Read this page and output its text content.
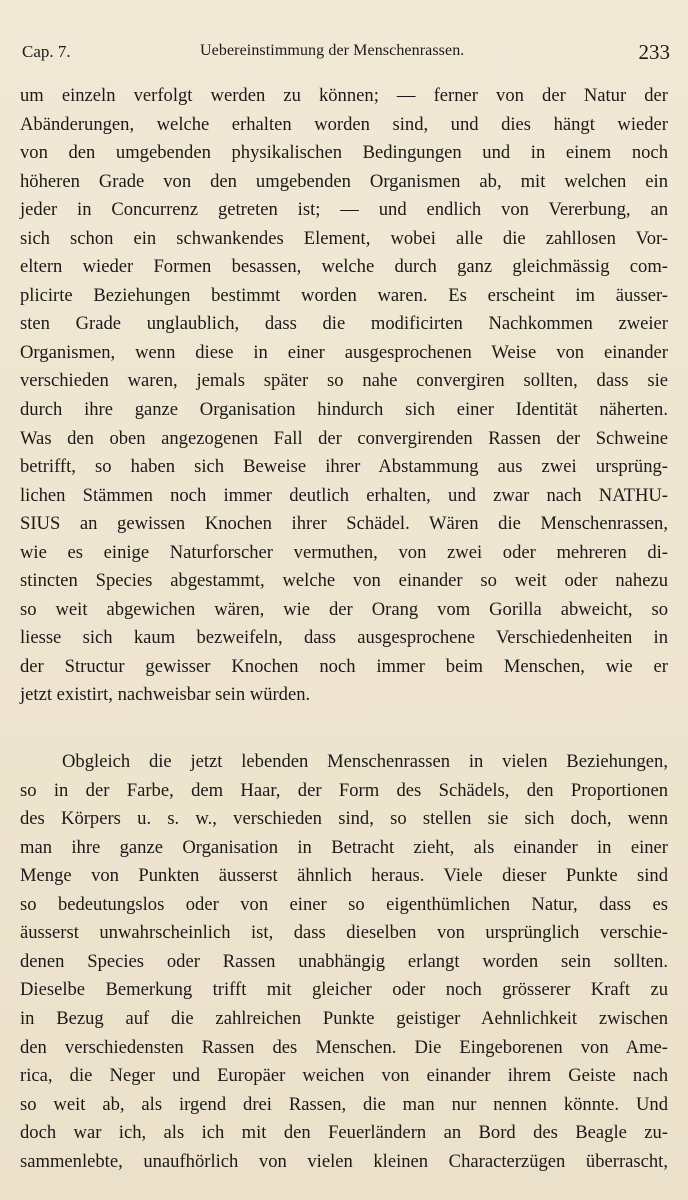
Cap. 7.	Uebereinstimmung der Menschenrassen.	233
um einzeln verfolgt werden zu können; — ferner von der Natur der
Abänderungen, welche erhalten worden sind, und dies hängt wieder
von den umgebenden physikalischen Bedingungen und in einem noch
höheren Grade von den umgebenden Organismen ab, mit welchen ein
jeder in Concurrenz getreten ist; — und endlich von Vererbung, an
sich schon ein schwankendes Element, wobei alle die zahllosen Vor-
eltern wieder Formen besassen, welche durch ganz gleichmässig com-
plicirte Beziehungen bestimmt worden waren. Es erscheint im äusser-
sten Grade unglaublich, dass die modificirten Nachkommen zweier
Organismen, wenn diese in einer ausgesprochenen Weise von einander
verschieden waren, jemals später so nahe convergiren sollten, dass sie
durch ihre ganze Organisation hindurch sich einer Identität näherten.
Was den oben angezogenen Fall der convergirenden Rassen der Schweine
betrifft, so haben sich Beweise ihrer Abstammung aus zwei ursprüng-
lichen Stämmen noch immer deutlich erhalten, und zwar nach NATHU-
SIUS an gewissen Knochen ihrer Schädel. Wären die Menschenrassen,
wie es einige Naturforscher vermuthen, von zwei oder mehreren di-
stincten Species abgestammt, welche von einander so weit oder nahezu
so weit abgewichen wären, wie der Orang vom Gorilla abweicht, so
liesse sich kaum bezweifeln, dass ausgesprochene Verschiedenheiten in
der Structur gewisser Knochen noch immer beim Menschen, wie er
jetzt existirt, nachweisbar sein würden.
Obgleich die jetzt lebenden Menschenrassen in vielen Beziehungen,
so in der Farbe, dem Haar, der Form des Schädels, den Proportionen
des Körpers u. s. w., verschieden sind, so stellen sie sich doch, wenn
man ihre ganze Organisation in Betracht zieht, als einander in einer
Menge von Punkten äusserst ähnlich heraus. Viele dieser Punkte sind
so bedeutungslos oder von einer so eigenthümlichen Natur, dass es
äusserst unwahrscheinlich ist, dass dieselben von ursprünglich verschie-
denen Species oder Rassen unabhängig erlangt worden sein sollten.
Dieselbe Bemerkung trifft mit gleicher oder noch grösserer Kraft zu
in Bezug auf die zahlreichen Punkte geistiger Aehnlichkeit zwischen
den verschiedensten Rassen des Menschen. Die Eingeborenen von Ame-
rica, die Neger und Europäer weichen von einander ihrem Geiste nach
so weit ab, als irgend drei Rassen, die man nur nennen könnte. Und
doch war ich, als ich mit den Feuerländern an Bord des Beagle zu-
sammenlebte, unaufhörlich von vielen kleinen Characterzügen überrascht,
